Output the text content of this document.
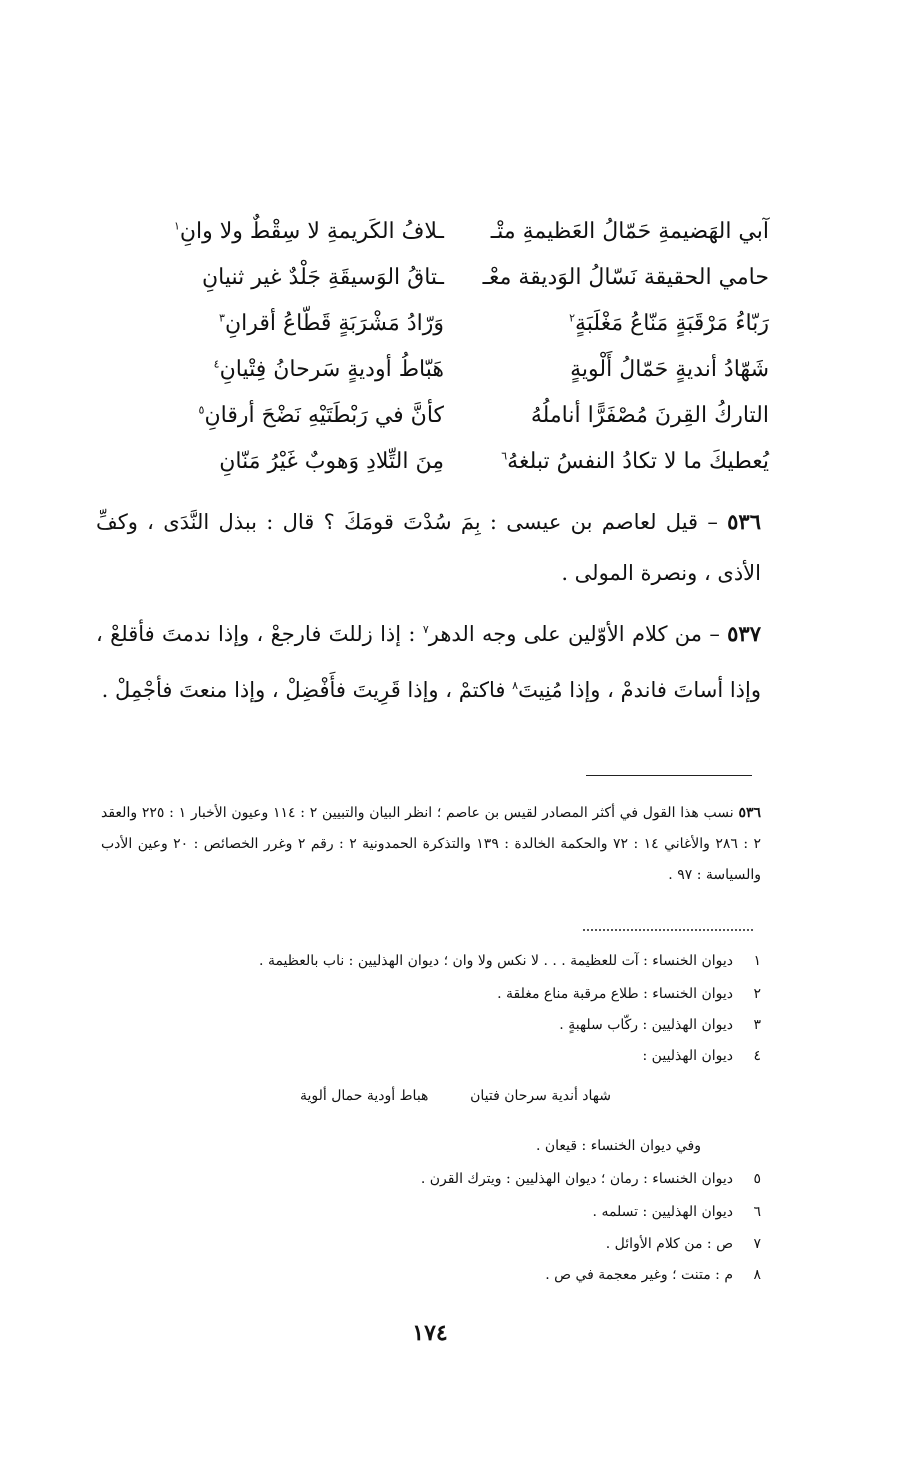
آبي الهَضيمةِ حَمّالُ العَظيمةِ متْـ
ـلافُ الكَريمةِ لا سِقْطٌ ولا وانِ$^١$
حامي الحقيقة نَسّالُ الوَديقة معْـ
ـتاقُ الوَسيقَةِ جَلْدٌ غير ثنيانِ
رَبّاءُ مَرْقَبَةٍ مَنّاعُ مَغْلَبَةٍ$^٢$
وَرّادُ مَشْرَبَةٍ قَطّاعُ أقرانِ$^٣$
شَهّادُ أنديةٍ حَمّالُ أَلْويةٍ
هَبّاطُ أوديةٍ سَرحانُ فِتْيانِ$^٤$
التاركُ القِرنَ مُصْفَرًّا أناملُهُ
كأنَّ في رَبْطَتَيْهِ نَضْحَ أرقانِ$^٥$
يُعطيكَ ما لا تكادُ النفسُ تبلغهُ$^٦$
مِنَ التِّلادِ وَهوبٌ غَيْرُ مَنّانِ
٥٣٦ – قيل لعاصم بن عيسى : بِمَ سُدْتَ قومَكَ ؟ قال : ببذل النَّدَى ، وكفِّ الأذى ، ونصرة المولى .
٥٣٧ – من كلام الأوّلين على وجه الدهر$^٧$ : إذا زللتَ فارجعْ ، وإذا ندمتَ فأقلعْ ، وإذا أساتَ فاندمْ ، وإذا مُنِيتَ$^٨$ فاكتمْ ، وإذا قَرِيتَ فأَفْضِلْ ، وإذا منعتَ فأجْمِلْ .
٥٣٦ نسب هذا القول في أكثر المصادر لقيس بن عاصم ؛ انظر البيان والتبيين ٢ : ١١٤ وعيون الأخبار ١ : ٢٢٥ والعقد ٢ : ٢٨٦ والأغاني ١٤ : ٧٢ والحكمة الخالدة : ١٣٩ والتذكرة الحمدونية ٢ : رقم ٢ وغرر الخصائص : ٢٠ وعين الأدب والسياسة : ٩٧ .
١ديوان الخنساء : آت للعظيمة . . . لا نكس ولا وان ؛ ديوان الهذليين : ناب بالعظيمة .
٢ديوان الخنساء : طلاع مرقبة مناع مغلقة .
٣ديوان الهذليين : ركّاب سلهبةٍ .
٤ديوان الهذليين :
شهاد أندية سرحان فتيان
هباط أودية حمال ألوية
وفي ديوان الخنساء : قيعان .
٥ديوان الخنساء : رمان ؛ ديوان الهذليين : ويترك القرن .
٦ديوان الهذليين : تسلمه .
٧ص : من كلام الأوائل .
٨م : متنت ؛ وغير معجمة في ص .
١٧٤
